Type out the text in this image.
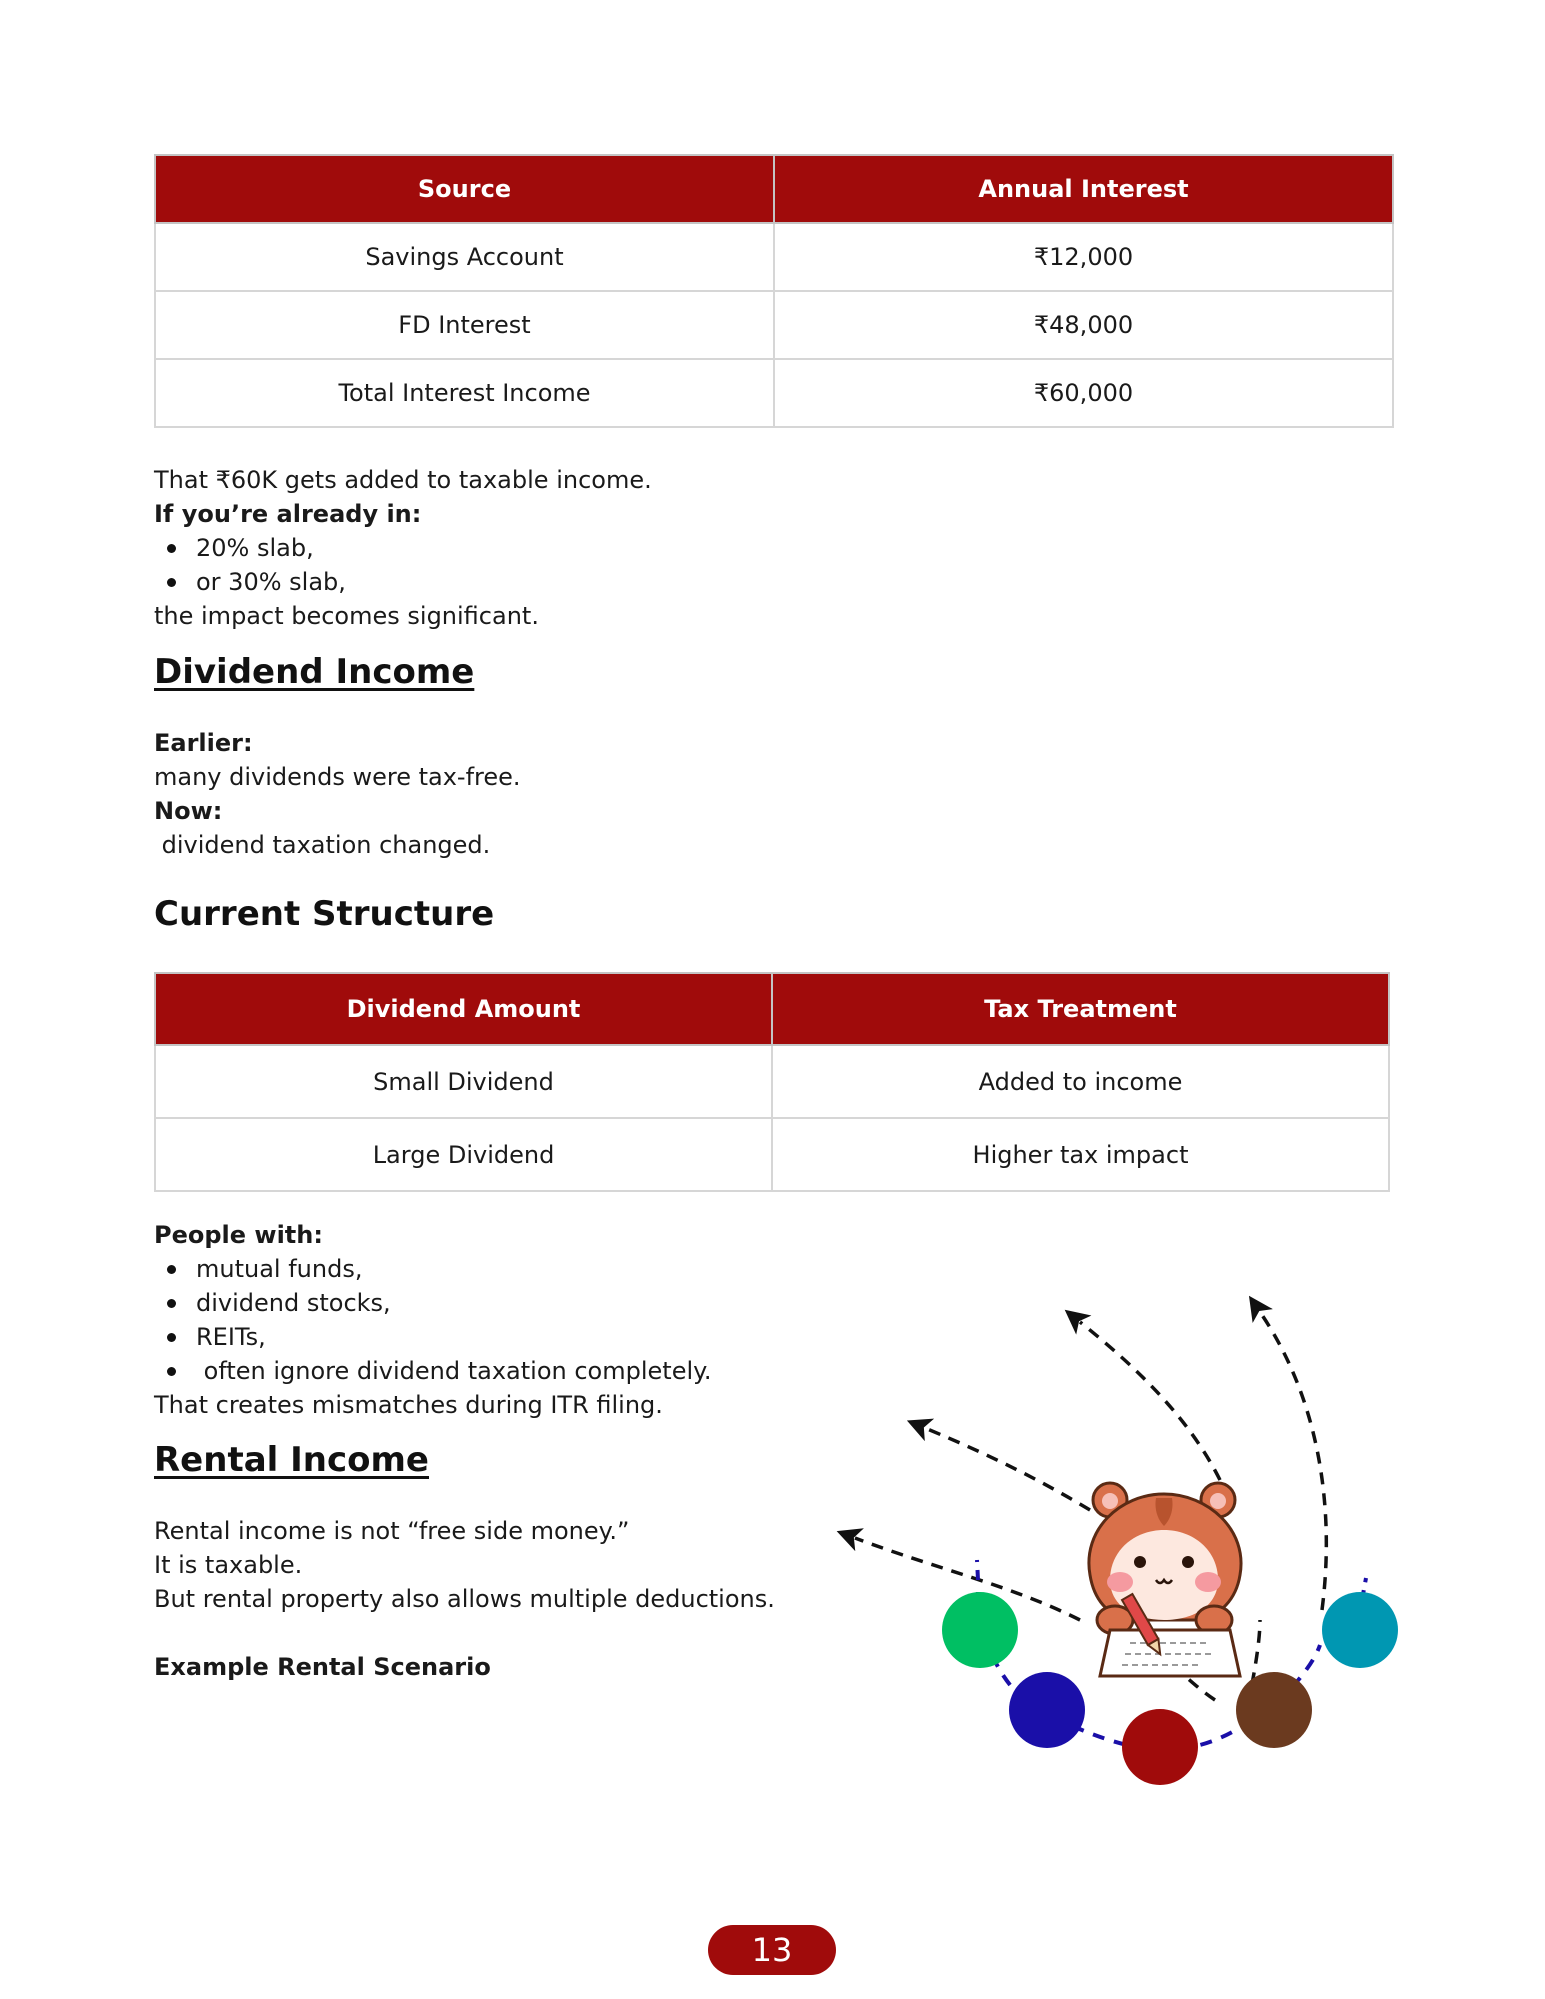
Source	Annual Interest
Savings Account	₹12,000
FD Interest	₹48,000
Total Interest Income	₹60,000
That ₹60K gets added to taxable income.
If you’re already in:
20% slab,
or 30% slab,
the impact becomes significant.
Dividend Income
Earlier:
many dividends were tax-free.
Now:
dividend taxation changed.
Current Structure
Dividend Amount	Tax Treatment
Small Dividend	Added to income
Large Dividend	Higher tax impact
People with:
mutual funds,
dividend stocks,
REITs,
often ignore dividend taxation completely.
That creates mismatches during ITR filing.
Rental Income
Rental income is not “free side money.”
It is taxable.
But rental property also allows multiple deductions.
Example Rental Scenario
13
